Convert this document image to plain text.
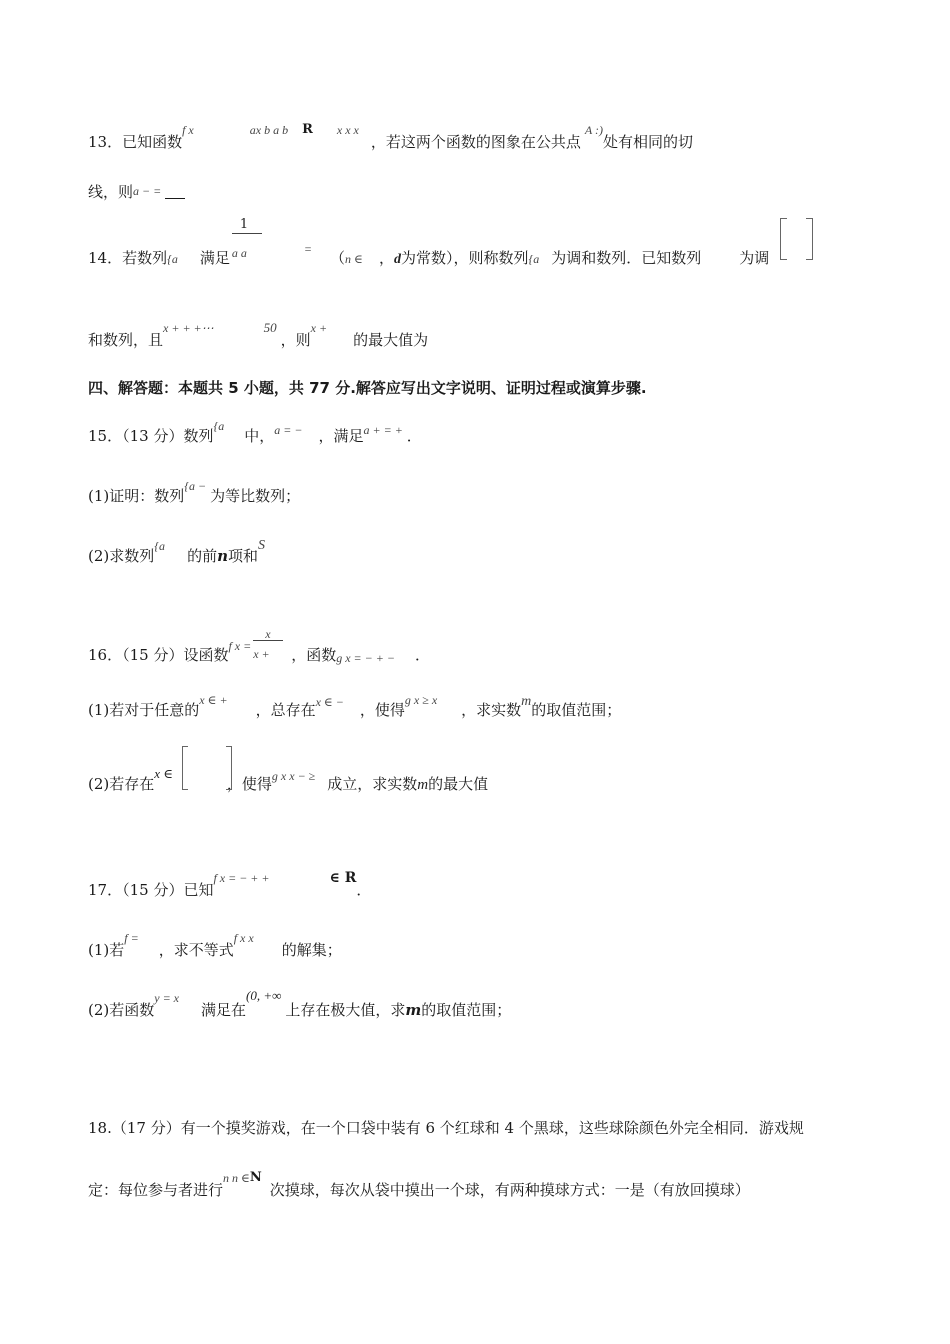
13．已知函数f x	ax b a b R x x x，若这两个函数的图象在公共点A :)处有相同的切
线，则a − =
14．若数列{a 满足 $\frac{1}{\text{a a}} ^=$ （n ∈ ，d为常数），则称数列{a 为调和数列．已知数列	为调
和数列，且x + + +⋯	50，则x +的最大值为
四、解答题：本题共 5 小题，共 77 分.解答应写出文字说明、证明过程或演算步骤.
15．（13 分）数列{a中，a = − ，满足a + = + ．
(1)证明：数列{a −为等比数列；
(2)求数列{a的前n项和S
16．（15 分）设函数f $x = \frac{x}{x +}$ ，函数g x = − + − ．
(1)若对于任意的x ∈ +，总存在x ∈ − ，使得g x ≥ x，求实数m的取值范围；
(2)若存在x ∈，使得g x x − ≥ 成立，求实数m的最大值
17．（15 分）已知f x = − + +	∈ R．
(1)若f =，求不等式f x x的解集；
(2)若函数y = x满足在(0, +∞上存在极大值，求m的取值范围；
18.（17 分）有一个摸奖游戏，在一个口袋中装有 6 个红球和 4 个黑球，这些球除颜色外完全相同．游戏规
定：每位参与者进行n n ∈N次摸球，每次从袋中摸出一个球，有两种摸球方式：一是（有放回摸球）
